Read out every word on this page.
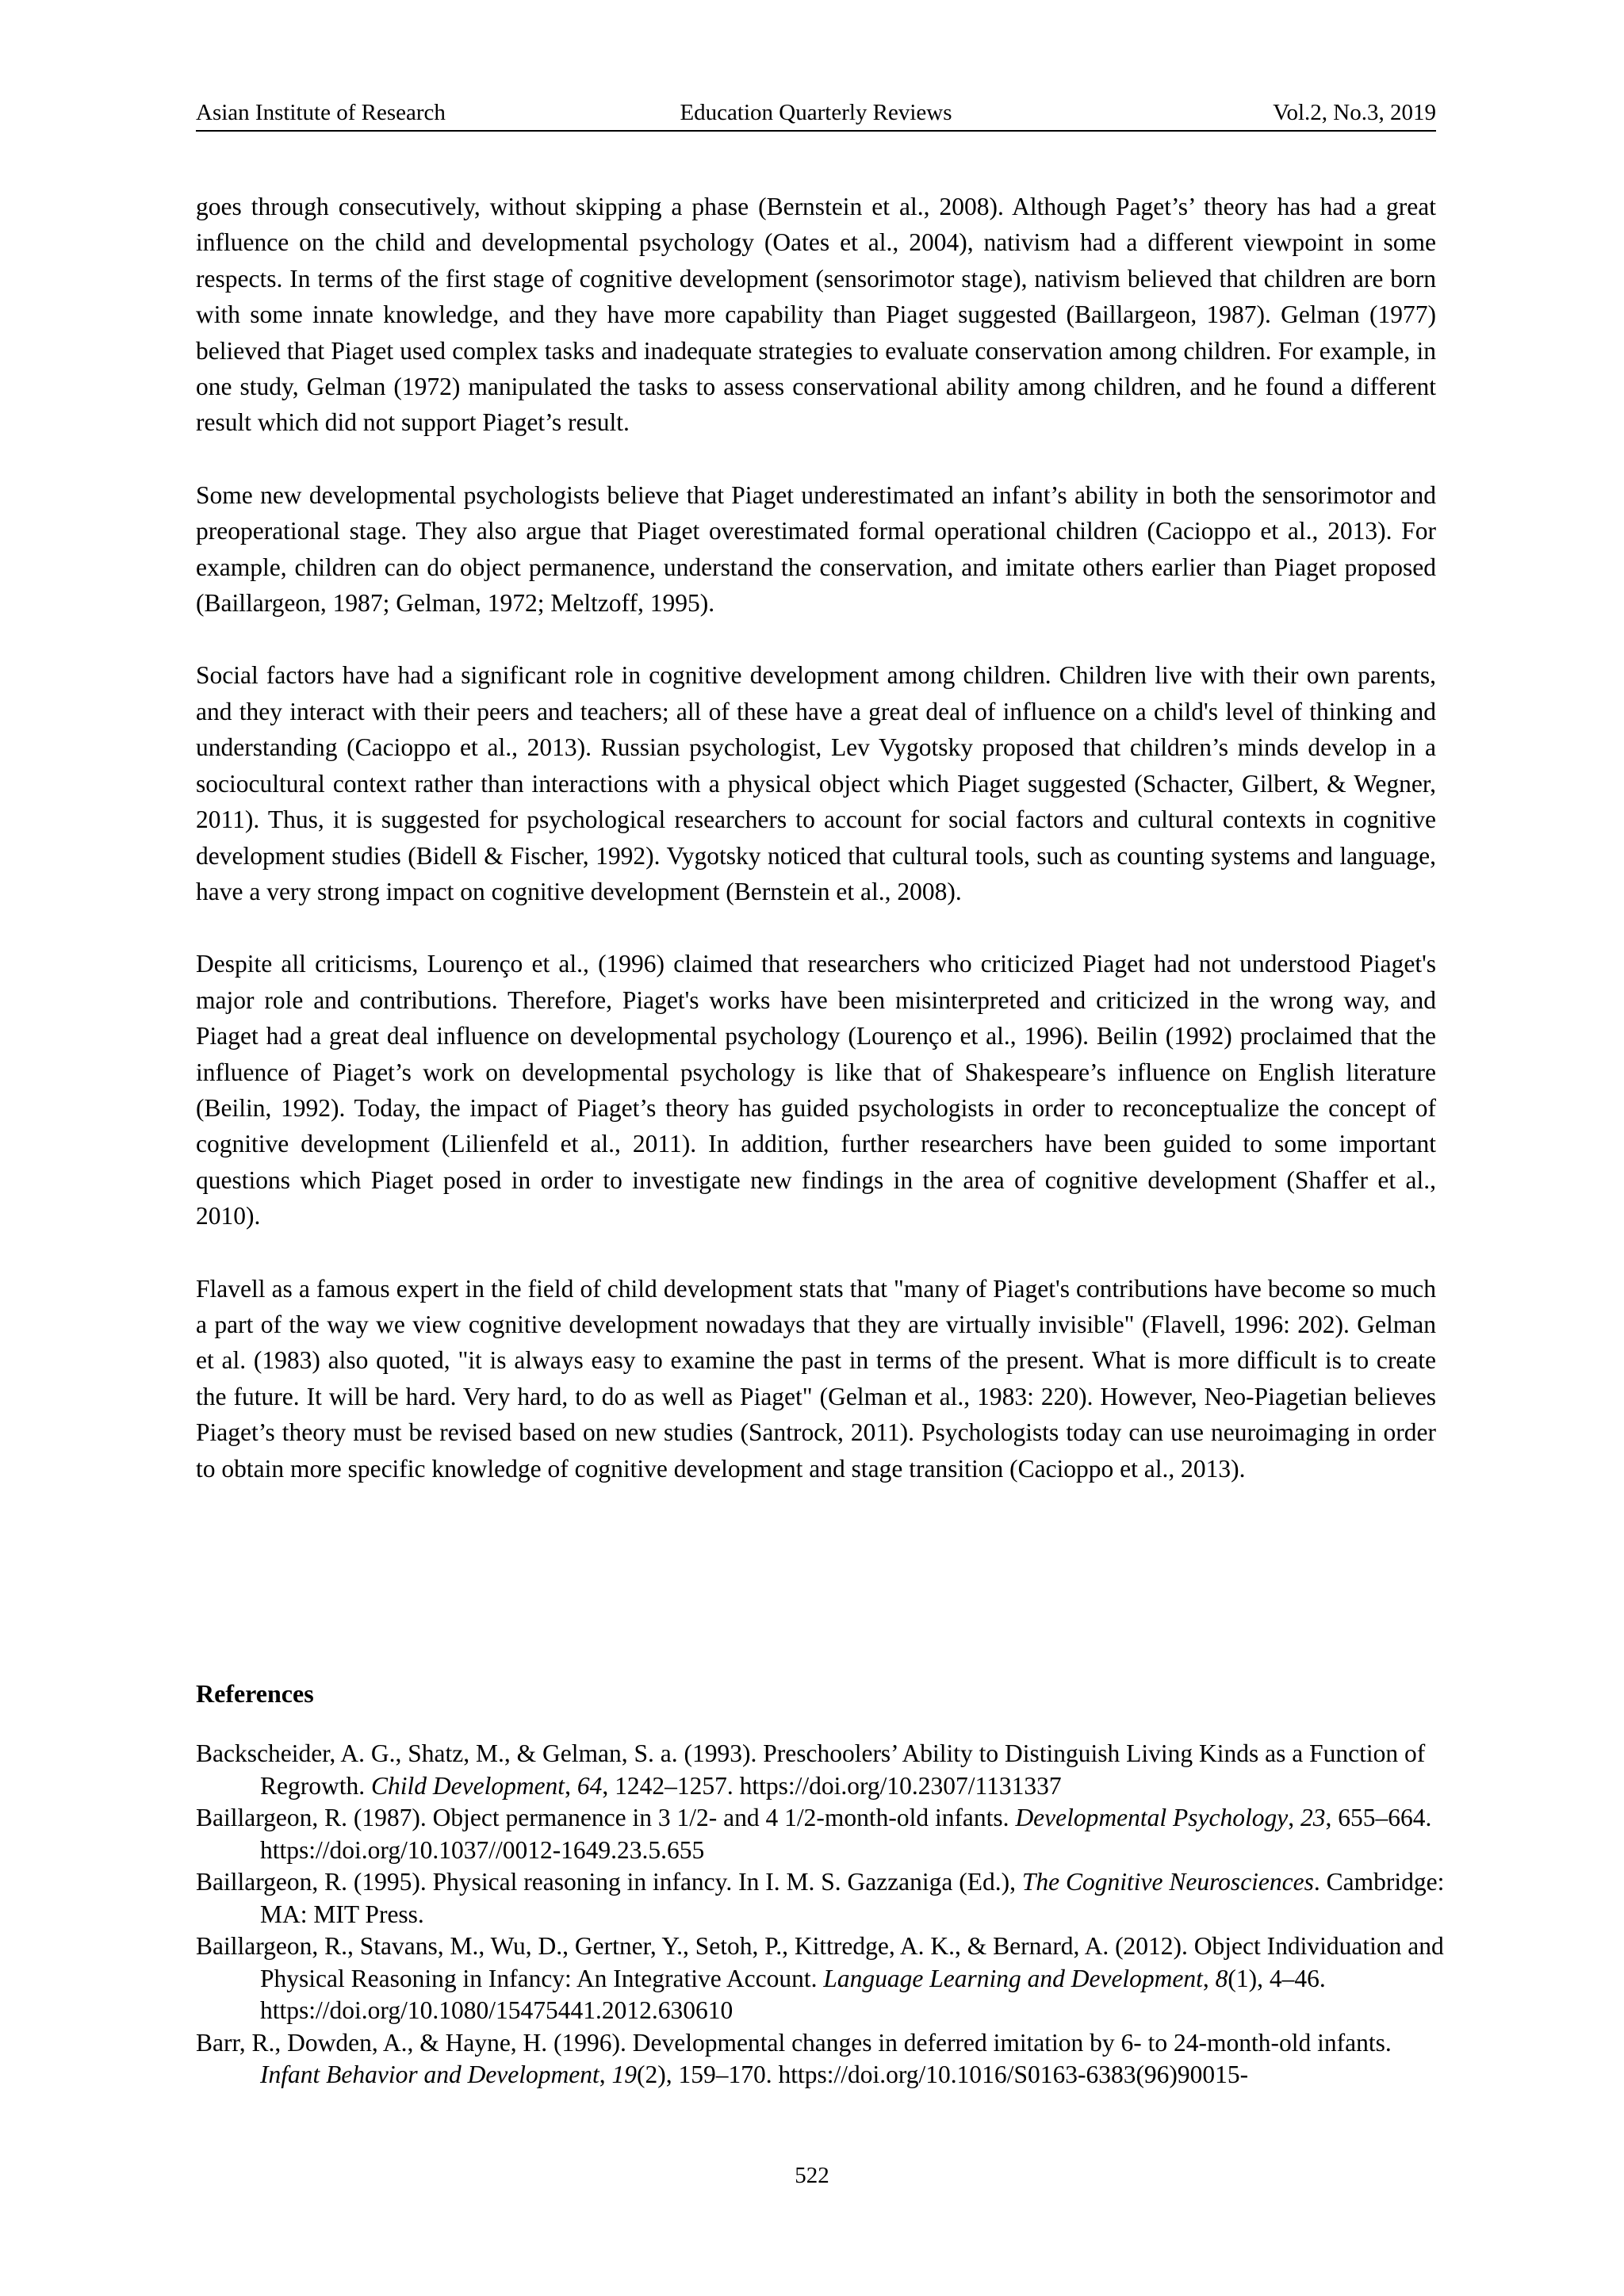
Education Quarterly Reviews
Asian Institute of Research	Vol.2, No.3, 2019

goes through consecutively, without skipping a phase (Bernstein et al., 2008). Although Paget’s’ theory has had a great influence on the child and developmental psychology (Oates et al., 2004), nativism had a different viewpoint in some respects. In terms of the first stage of cognitive development (sensorimotor stage), nativism believed that children are born with some innate knowledge, and they have more capability than Piaget suggested (Baillargeon, 1987). Gelman (1977) believed that Piaget used complex tasks and inadequate strategies to evaluate conservation among children. For example, in one study, Gelman (1972) manipulated the tasks to assess conservational ability among children, and he found a different result which did not support Piaget’s result.

Some new developmental psychologists believe that Piaget underestimated an infant’s ability in both the sensorimotor and preoperational stage. They also argue that Piaget overestimated formal operational children (Cacioppo et al., 2013). For example, children can do object permanence, understand the conservation, and imitate others earlier than Piaget proposed (Baillargeon, 1987; Gelman, 1972; Meltzoff, 1995).

Social factors have had a significant role in cognitive development among children. Children live with their own parents, and they interact with their peers and teachers; all of these have a great deal of influence on a child's level of thinking and understanding (Cacioppo et al., 2013). Russian psychologist, Lev Vygotsky proposed that children’s minds develop in a sociocultural context rather than interactions with a physical object which Piaget suggested (Schacter, Gilbert, & Wegner, 2011). Thus, it is suggested for psychological researchers to account for social factors and cultural contexts in cognitive development studies (Bidell & Fischer, 1992). Vygotsky noticed that cultural tools, such as counting systems and language, have a very strong impact on cognitive development (Bernstein et al., 2008).

Despite all criticisms, Lourenço et al., (1996) claimed that researchers who criticized Piaget had not understood Piaget's major role and contributions. Therefore, Piaget's works have been misinterpreted and criticized in the wrong way, and Piaget had a great deal influence on developmental psychology (Lourenço et al., 1996). Beilin (1992) proclaimed that the influence of Piaget’s work on developmental psychology is like that of Shakespeare’s influence on English literature (Beilin, 1992). Today, the impact of Piaget’s theory has guided psychologists in order to reconceptualize the concept of cognitive development (Lilienfeld et al., 2011). In addition, further researchers have been guided to some important questions which Piaget posed in order to investigate new findings in the area of cognitive development (Shaffer et al., 2010).

Flavell as a famous expert in the field of child development stats that "many of Piaget's contributions have become so much a part of the way we view cognitive development nowadays that they are virtually invisible" (Flavell, 1996: 202). Gelman et al. (1983) also quoted, "it is always easy to examine the past in terms of the present. What is more difficult is to create the future. It will be hard. Very hard, to do as well as Piaget" (Gelman et al., 1983: 220). However, Neo-Piagetian believes Piaget’s theory must be revised based on new studies (Santrock, 2011). Psychologists today can use neuroimaging in order to obtain more specific knowledge of cognitive development and stage transition (Cacioppo et al., 2013).

References

Backscheider, A. G., Shatz, M., & Gelman, S. a. (1993). Preschoolers’ Ability to Distinguish Living Kinds as a Function of Regrowth. Child Development, 64, 1242–1257. https://doi.org/10.2307/1131337

Baillargeon, R. (1987). Object permanence in 3 1/2- and 4 1/2-month-old infants. Developmental Psychology, 23, 655–664. https://doi.org/10.1037//0012-1649.23.5.655

Baillargeon, R. (1995). Physical reasoning in infancy. In I. M. S. Gazzaniga (Ed.), The Cognitive Neurosciences. Cambridge: MA: MIT Press.

Baillargeon, R., Stavans, M., Wu, D., Gertner, Y., Setoh, P., Kittredge, A. K., & Bernard, A. (2012). Object Individuation and Physical Reasoning in Infancy: An Integrative Account. Language Learning and Development, 8(1), 4–46. https://doi.org/10.1080/15475441.2012.630610

Barr, R., Dowden, A., & Hayne, H. (1996). Developmental changes in deferred imitation by 6- to 24-month-old infants. Infant Behavior and Development, 19(2), 159–170. https://doi.org/10.1016/S0163-6383(96)90015-

522
